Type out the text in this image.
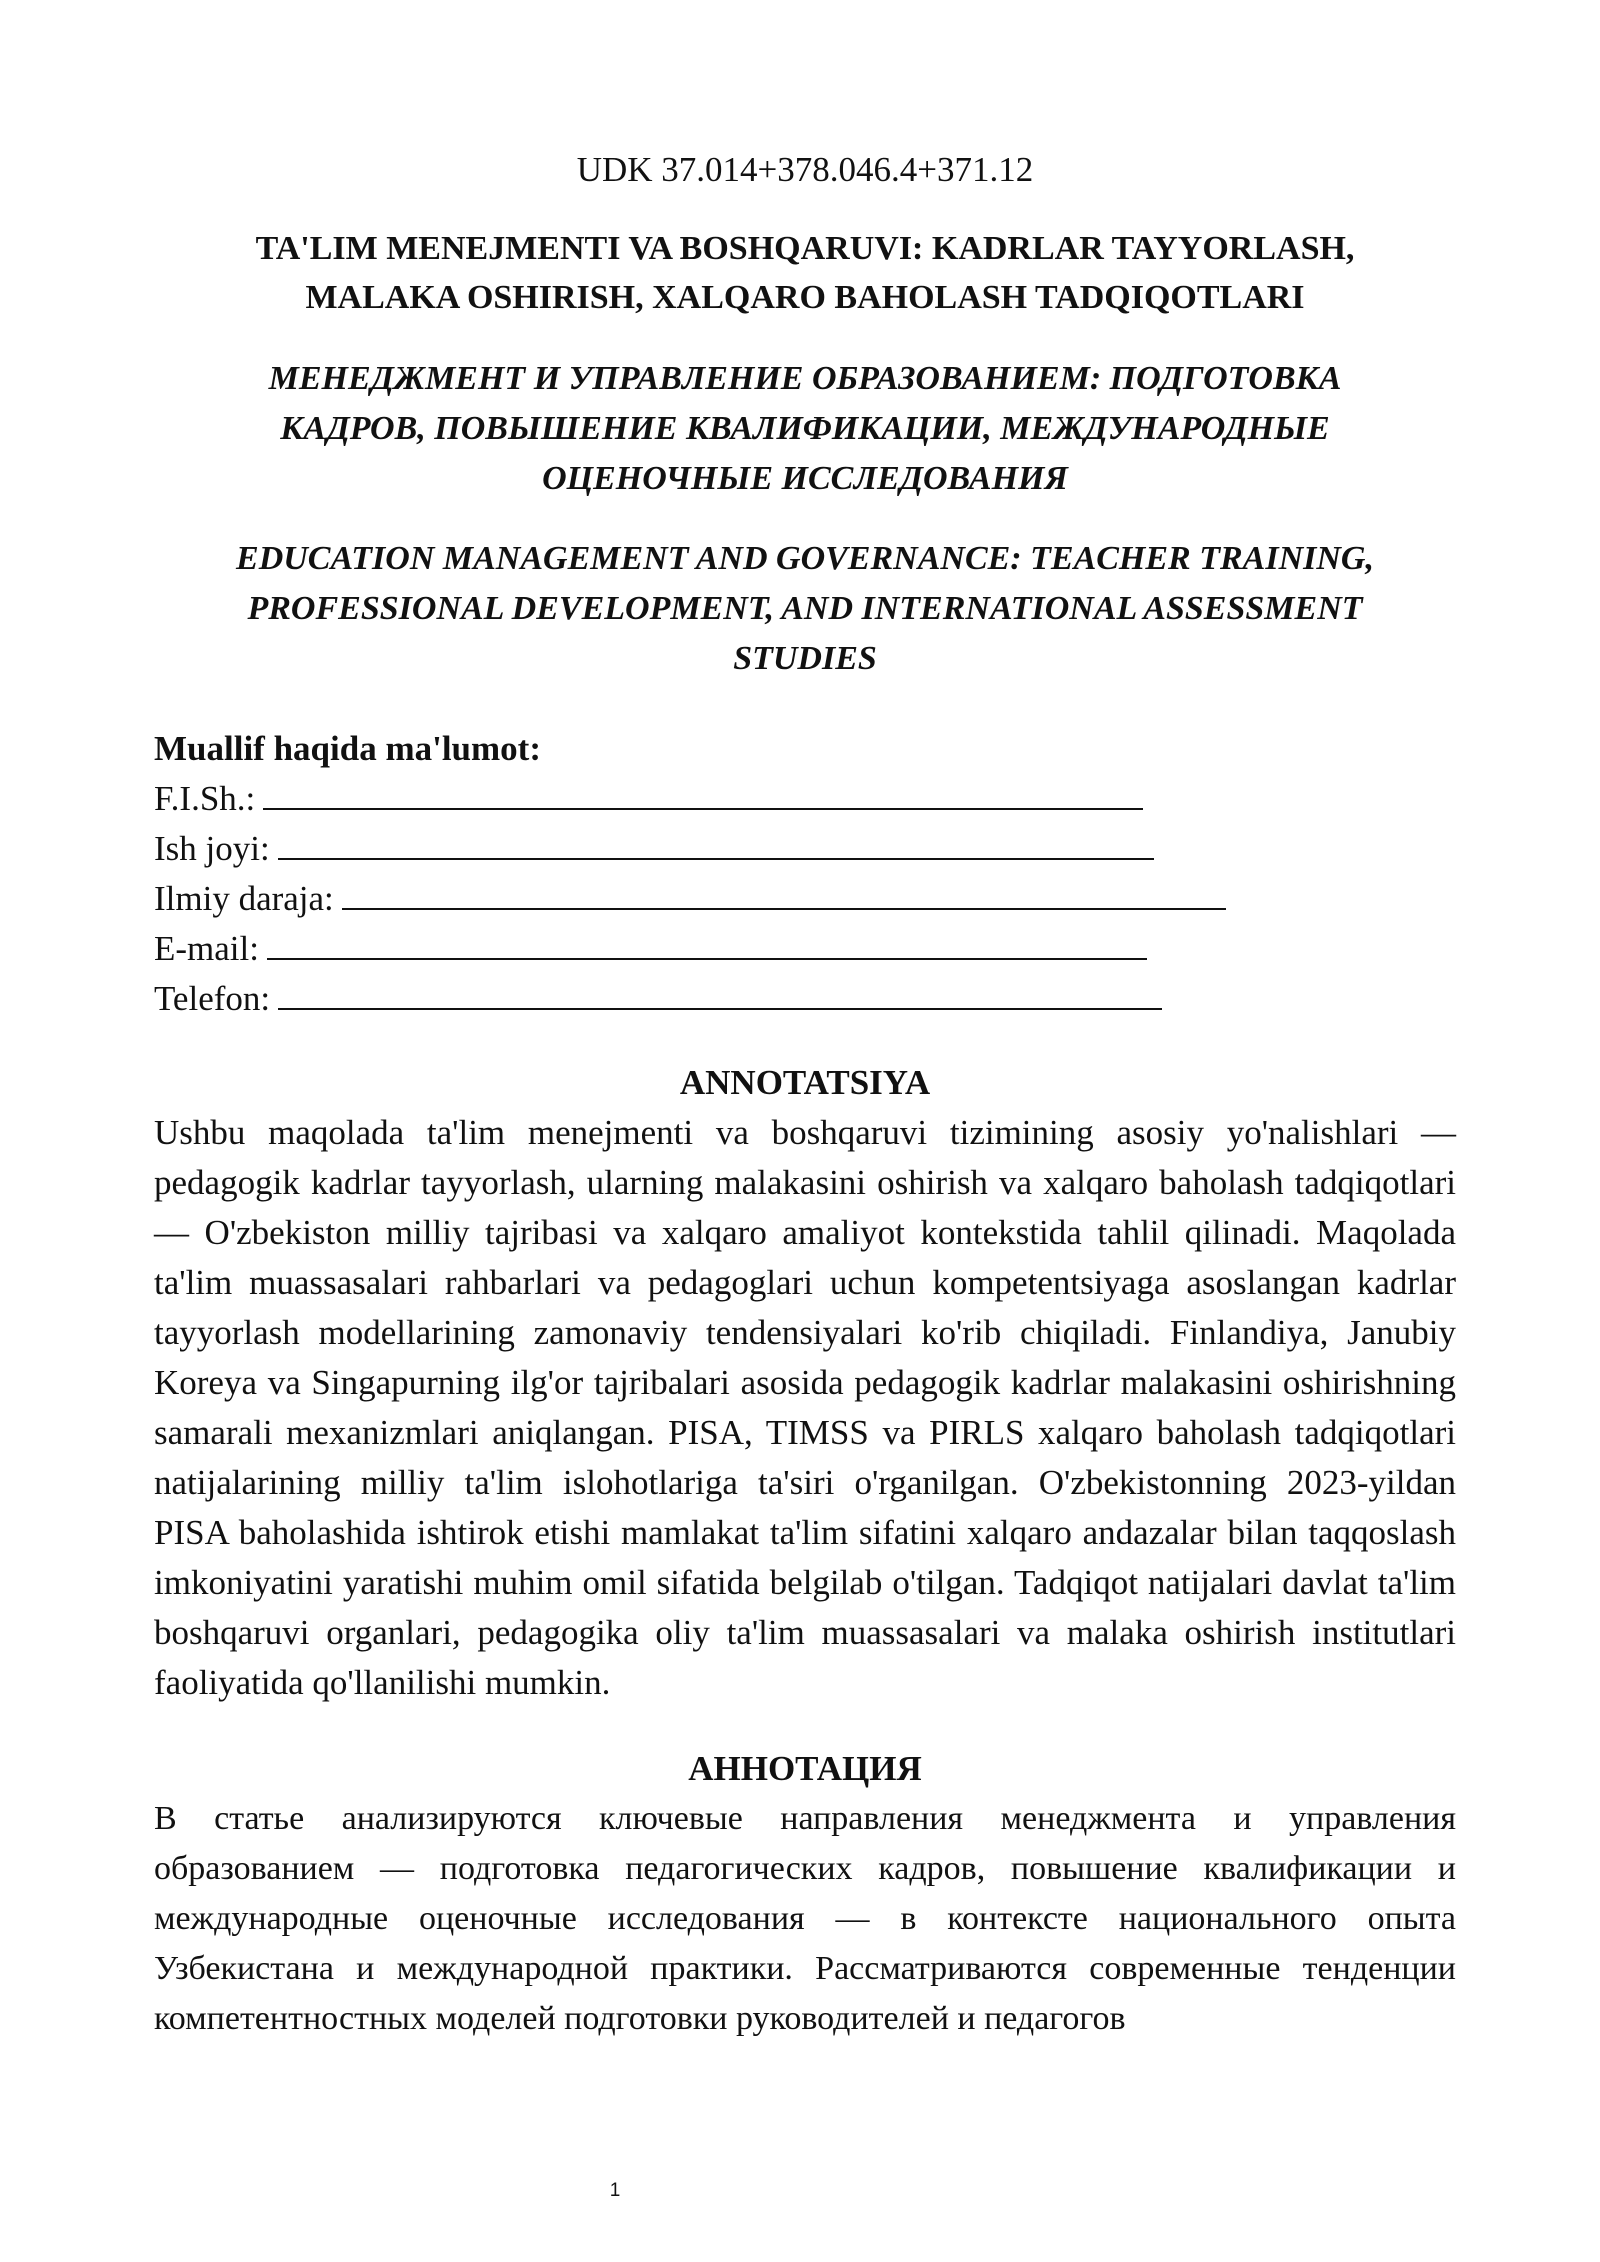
UDK 37.014+378.046.4+371.12

TA'LIM MENEJMENTI VA BOSHQARUVI: KADRLAR TAYYORLASH,
MALAKA OSHIRISH, XALQARO BAHOLASH TADQIQOTLARI
МЕНЕДЖМЕНТ И УПРАВЛЕНИЕ ОБРАЗОВАНИЕМ: ПОДГОТОВКА
КАДРОВ, ПОВЫШЕНИЕ КВАЛИФИКАЦИИ, МЕЖДУНАРОДНЫЕ
ОЦЕНОЧНЫЕ ИССЛЕДОВАНИЯ
EDUCATION MANAGEMENT AND GOVERNANCE: TEACHER TRAINING,
PROFESSIONAL DEVELOPMENT, AND INTERNATIONAL ASSESSMENT
STUDIES
Muallif haqida ma'lumot:
F.I.Sh.:
Ish joyi:
Ilmiy daraja:
E-mail:
Telefon:
ANNOTATSIYA

Ushbu maqolada ta'lim menejmenti va boshqaruvi tizimining asosiy yo'nalishlari — pedagogik kadrlar tayyorlash, ularning malakasini oshirish va xalqaro baholash tadqiqotlari — O'zbekiston milliy tajribasi va xalqaro amaliyot kontekstida tahlil qilinadi. Maqolada ta'lim muassasalari rahbarlari va pedagoglari uchun kompetentsiyaga asoslangan kadrlar tayyorlash modellarining zamonaviy tendensiyalari ko'rib chiqiladi. Finlandiya, Janubiy Koreya va Singapurning ilg'or tajribalari asosida pedagogik kadrlar malakasini oshirishning samarali mexanizmlari aniqlangan. PISA, TIMSS va PIRLS xalqaro baholash tadqiqotlari natijalarining milliy ta'lim islohotlariga ta'siri o'rganilgan. O'zbekistonning 2023-yildan PISA baholashida ishtirok etishi mamlakat ta'lim sifatini xalqaro andazalar bilan taqqoslash imkoniyatini yaratishi muhim omil sifatida belgilab o'tilgan. Tadqiqot natijalari davlat ta'lim boshqaruvi organlari, pedagogika oliy ta'lim muassasalari va malaka oshirish institutlari faoliyatida qo'llanilishi mumkin.

АННОТАЦИЯ

В статье анализируются ключевые направления менеджмента и управления образованием — подготовка педагогических кадров, повышение квалификации и международные оценочные исследования — в контексте национального опыта Узбекистана и международной практики. Рассматриваются современные тенденции компетентностных моделей подготовки руководителей и педагогов

1
